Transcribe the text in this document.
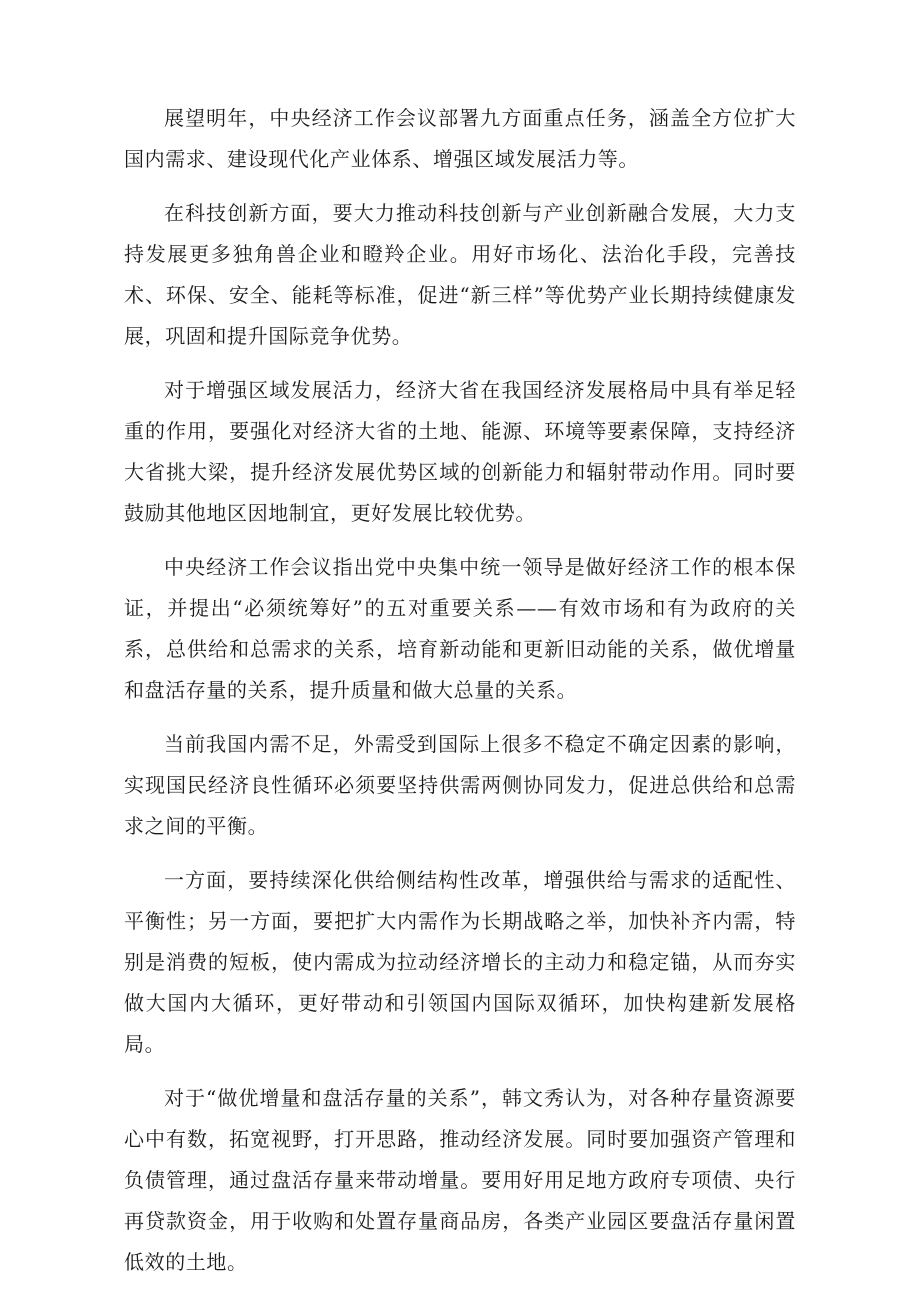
展望明年，中央经济工作会议部署九方面重点任务，涵盖全方位扩大国内需求、建设现代化产业体系、增强区域发展活力等。

在科技创新方面，要大力推动科技创新与产业创新融合发展，大力支持发展更多独角兽企业和瞪羚企业。用好市场化、法治化手段，完善技术、环保、安全、能耗等标准，促进“新三样”等优势产业长期持续健康发展，巩固和提升国际竞争优势。

对于增强区域发展活力，经济大省在我国经济发展格局中具有举足轻重的作用，要强化对经济大省的土地、能源、环境等要素保障，支持经济大省挑大梁，提升经济发展优势区域的创新能力和辐射带动作用。同时要鼓励其他地区因地制宜，更好发展比较优势。

中央经济工作会议指出党中央集中统一领导是做好经济工作的根本保证，并提出“必须统筹好”的五对重要关系——有效市场和有为政府的关系，总供给和总需求的关系，培育新动能和更新旧动能的关系，做优增量和盘活存量的关系，提升质量和做大总量的关系。

当前我国内需不足，外需受到国际上很多不稳定不确定因素的影响，实现国民经济良性循环必须要坚持供需两侧协同发力，促进总供给和总需求之间的平衡。

一方面，要持续深化供给侧结构性改革，增强供给与需求的适配性、平衡性；另一方面，要把扩大内需作为长期战略之举，加快补齐内需，特别是消费的短板，使内需成为拉动经济增长的主动力和稳定锚，从而夯实做大国内大循环，更好带动和引领国内国际双循环，加快构建新发展格局。

对于“做优增量和盘活存量的关系”，韩文秀认为，对各种存量资源要心中有数，拓宽视野，打开思路，推动经济发展。同时要加强资产管理和负债管理，通过盘活存量来带动增量。要用好用足地方政府专项债、央行再贷款资金，用于收购和处置存量商品房，各类产业园区要盘活存量闲置低效的土地。
